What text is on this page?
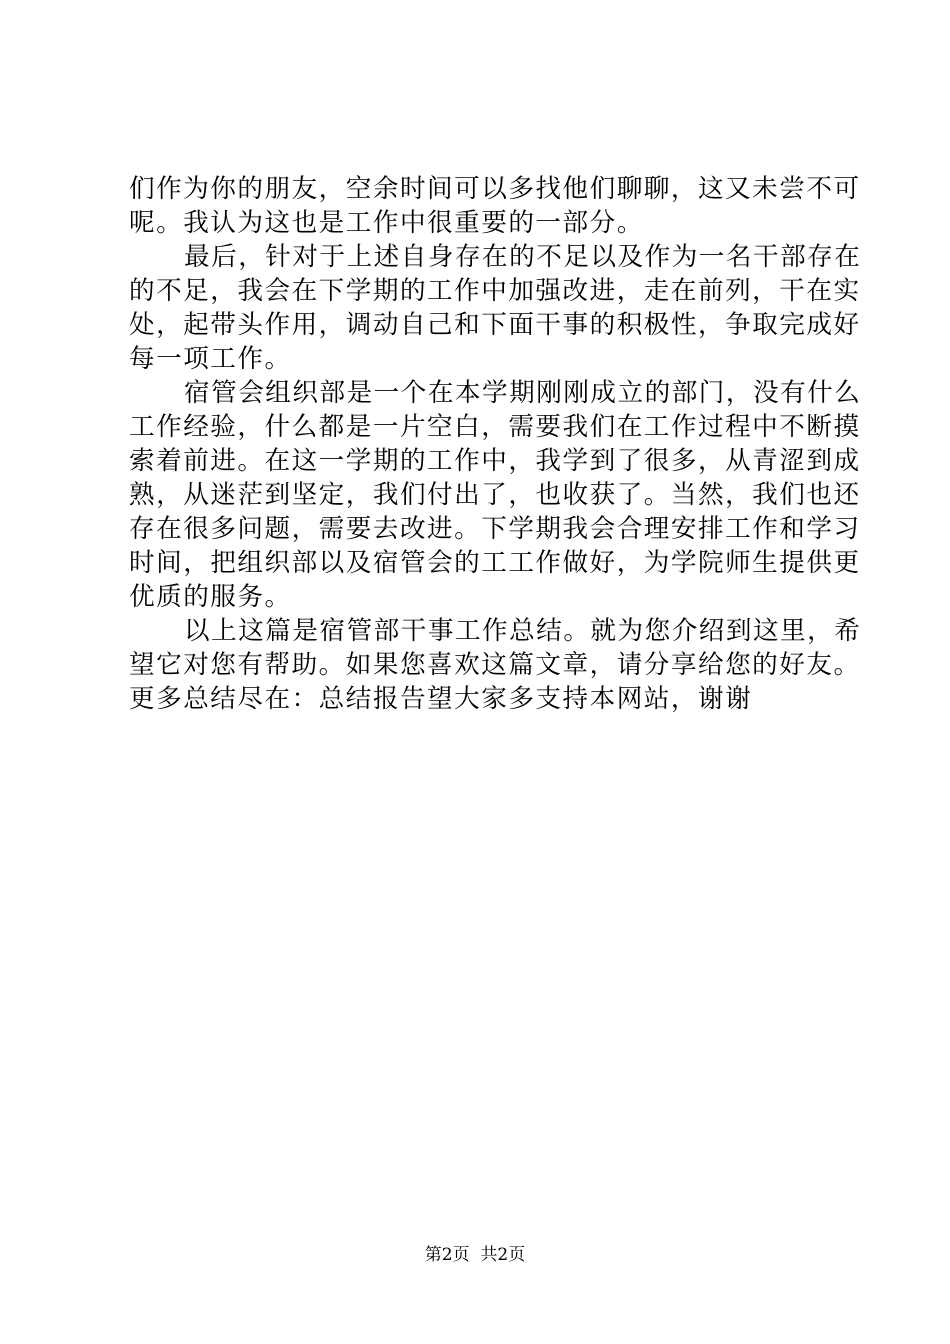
们作为你的朋友，空余时间可以多找他们聊聊，这又未尝不可
呢。我认为这也是工作中很重要的一部分。
最后，针对于上述自身存在的不足以及作为一名干部存在
的不足，我会在下学期的工作中加强改进，走在前列，干在实
处，起带头作用，调动自己和下面干事的积极性，争取完成好
每一项工作。
宿管会组织部是一个在本学期刚刚成立的部门，没有什么
工作经验，什么都是一片空白，需要我们在工作过程中不断摸
索着前进。在这一学期的工作中，我学到了很多，从青涩到成
熟，从迷茫到坚定，我们付出了，也收获了。当然，我们也还
存在很多问题，需要去改进。下学期我会合理安排工作和学习
时间，把组织部以及宿管会的工工作做好，为学院师生提供更
优质的服务。
以上这篇是宿管部干事工作总结。就为您介绍到这里，希
望它对您有帮助。如果您喜欢这篇文章，请分享给您的好友。
更多总结尽在：总结报告望大家多支持本网站，谢谢
第2页  共2页
